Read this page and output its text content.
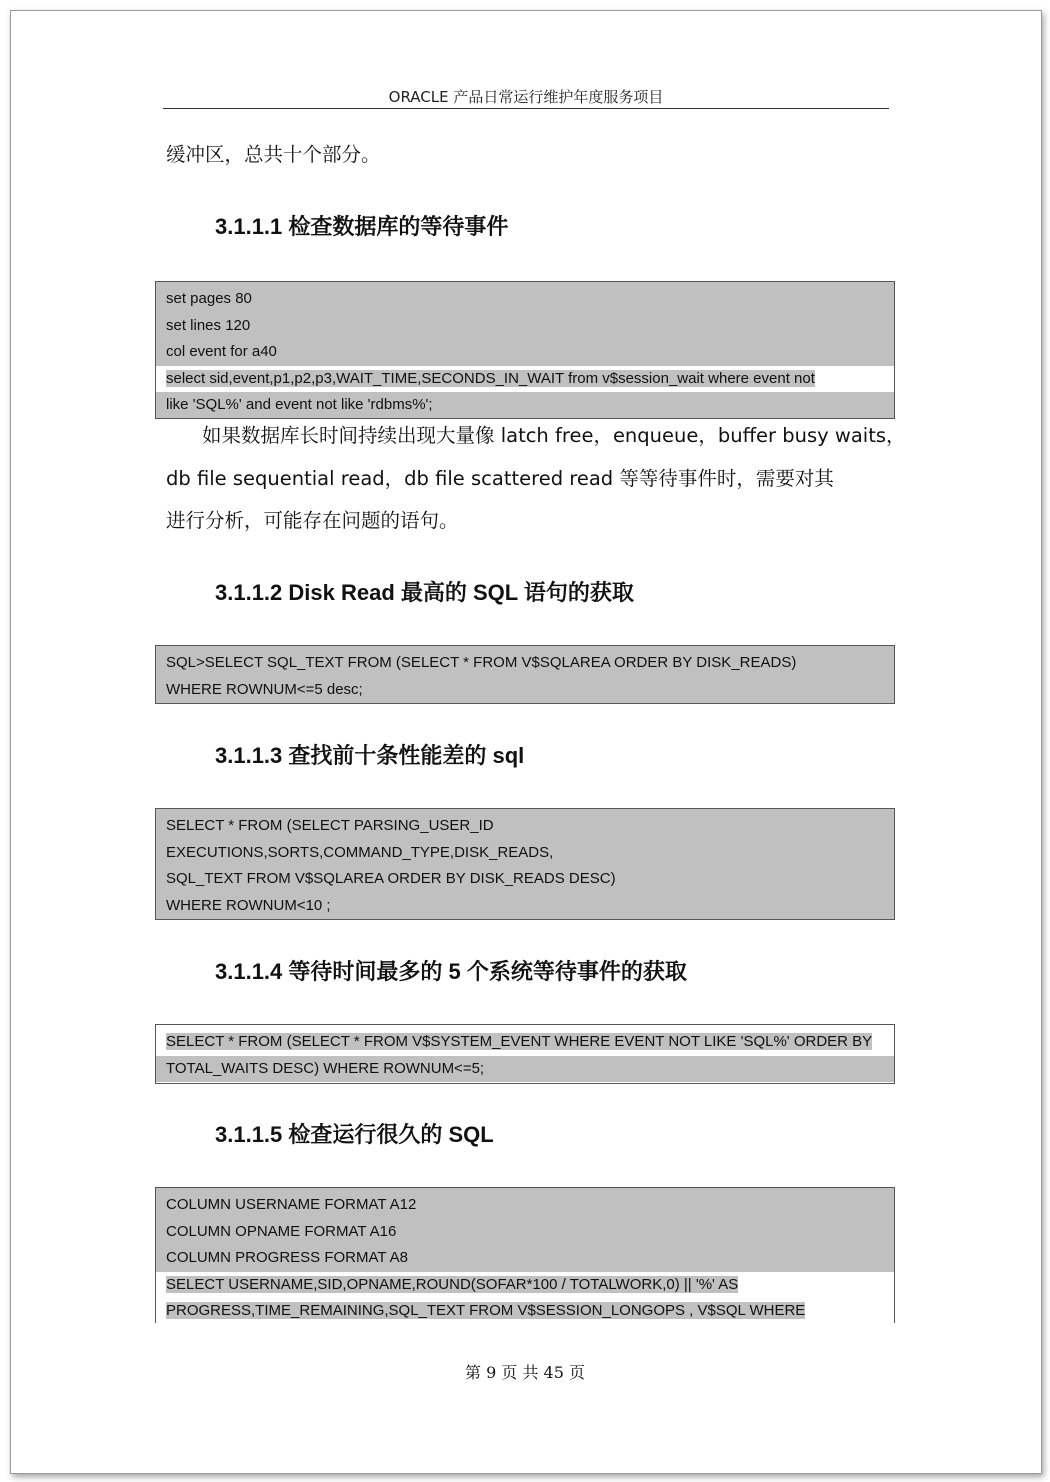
ORACLE 产品日常运行维护年度服务项目
缓冲区，总共十个部分。
3.1.1.1 检查数据库的等待事件
set pages 80
set lines 120
col event for a40
select sid,event,p1,p2,p3,WAIT_TIME,SECONDS_IN_WAIT from v$session_wait where event not
like 'SQL%' and event not like 'rdbms%';
如果数据库长时间持续出现大量像 latch free，enqueue，buffer busy waits，
db file sequential read，db file scattered read 等等待事件时，需要对其
进行分析，可能存在问题的语句。
3.1.1.2 Disk Read 最高的 SQL 语句的获取
SQL>SELECT SQL_TEXT FROM (SELECT * FROM V$SQLAREA ORDER BY DISK_READS)
WHERE ROWNUM<=5 desc;
3.1.1.3 查找前十条性能差的 sql
SELECT * FROM (SELECT PARSING_USER_ID
EXECUTIONS,SORTS,COMMAND_TYPE,DISK_READS,
SQL_TEXT FROM V$SQLAREA ORDER BY DISK_READS DESC)
WHERE ROWNUM<10 ;
3.1.1.4 等待时间最多的 5 个系统等待事件的获取
SELECT * FROM (SELECT * FROM V$SYSTEM_EVENT WHERE EVENT NOT LIKE 'SQL%' ORDER BY
TOTAL_WAITS DESC) WHERE ROWNUM<=5;
3.1.1.5 检查运行很久的 SQL
COLUMN USERNAME FORMAT A12
COLUMN OPNAME FORMAT A16
COLUMN PROGRESS FORMAT A8
SELECT USERNAME,SID,OPNAME,ROUND(SOFAR*100 / TOTALWORK,0) || '%' AS
PROGRESS,TIME_REMAINING,SQL_TEXT FROM V$SESSION_LONGOPS , V$SQL WHERE
第 9 页 共 45 页
